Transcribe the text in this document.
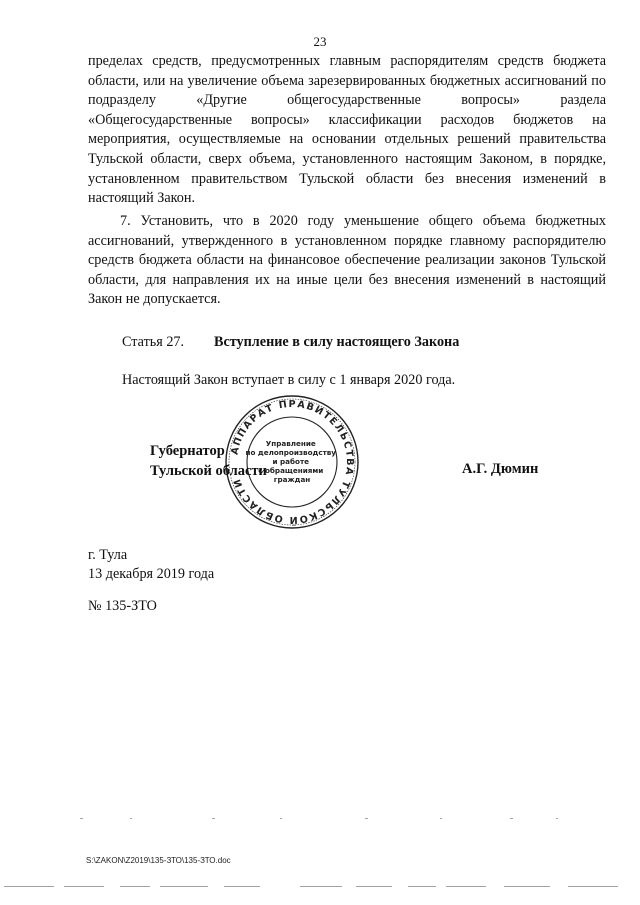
23

пределах средств, предусмотренных главным распорядителям средств бюджета области, или на увеличение объема зарезервированных бюджетных ассигнований по подразделу «Другие общегосударственные вопросы» раздела «Общегосударственные вопросы» классификации расходов бюджетов на мероприятия, осуществляемые на основании отдельных решений правительства Тульской области, сверх объема, установленного настоящим Законом, в порядке, установленном правительством Тульской области без внесения изменений в настоящий Закон.

7. Установить, что в 2020 году уменьшение общего объема бюджетных ассигнований, утвержденного в установленном порядке главному распорядителю средств бюджета области на финансовое обеспечение реализации законов Тульской области, для направления их на иные цели без внесения изменений в настоящий Закон не допускается.

Статья 27. Вступление в силу настоящего Закона
Настоящий Закон вступает в силу с 1 января 2020 года.
АППАРАТ ПРАВИТЕЛЬСТВА ТУЛЬСКОЙ ОБЛАСТИ
Управление по делопроизводству и работе с обращениями граждан
Губернатор
Тульской области	А.Г. Дюмин
г. Тула
13 декабря 2019 года
№ 135-ЗТО
S:\ZAKON\Z2019\135-ЗТО\135-ЗТО.doc
